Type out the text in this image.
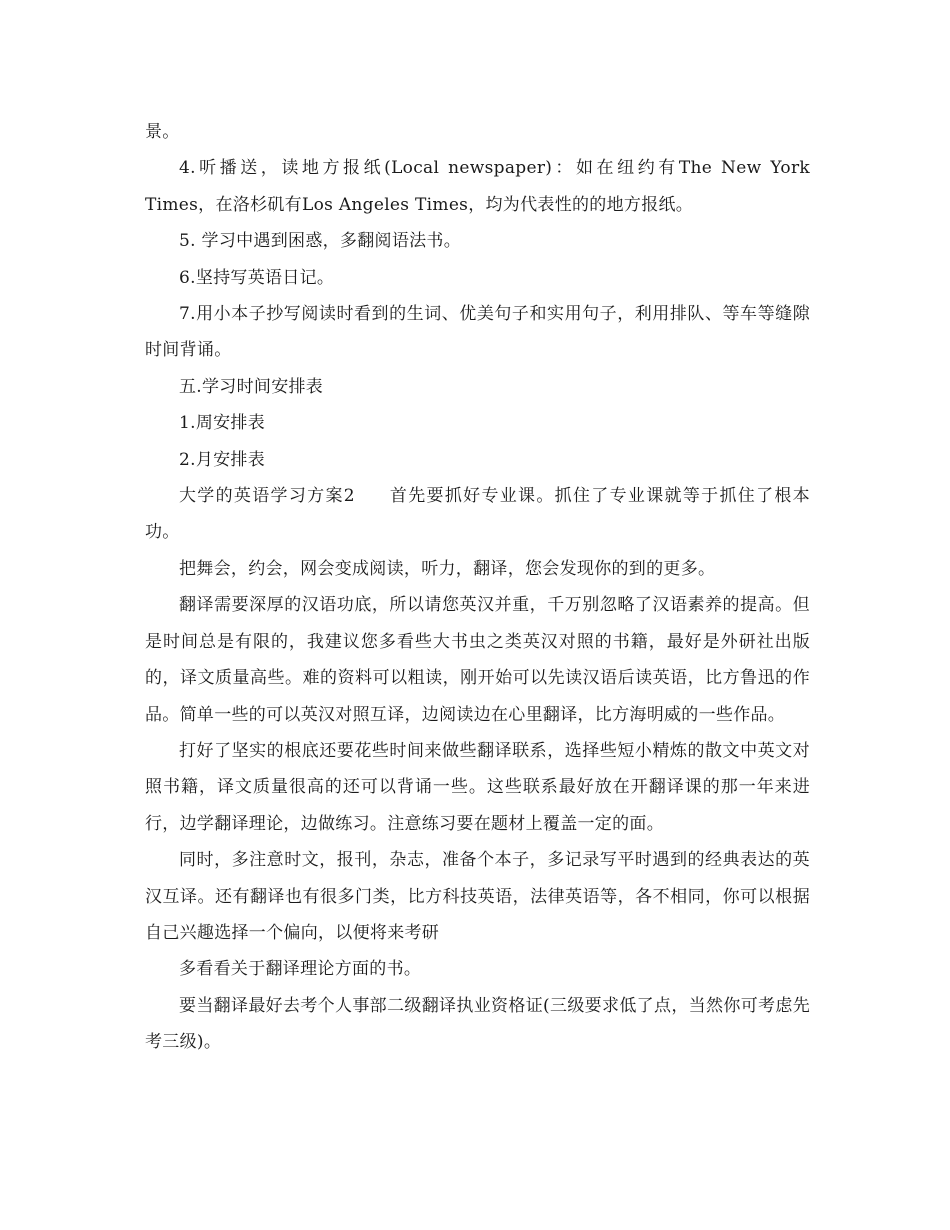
景。

4.听播送，读地方报纸(Local newspaper)：如在纽约有The New York Times，在洛杉矶有Los Angeles Times，均为代表性的的地方报纸。

5. 学习中遇到困惑，多翻阅语法书。

6.坚持写英语日记。

7.用小本子抄写阅读时看到的生词、优美句子和实用句子，利用排队、等车等缝隙时间背诵。

五.学习时间安排表

1.周安排表

2.月安排表

大学的英语学习方案2 首先要抓好专业课。抓住了专业课就等于抓住了根本功。

把舞会，约会，网会变成阅读，听力，翻译，您会发现你的到的更多。

翻译需要深厚的汉语功底，所以请您英汉并重，千万别忽略了汉语素养的提高。但是时间总是有限的，我建议您多看些大书虫之类英汉对照的书籍，最好是外研社出版的，译文质量高些。难的资料可以粗读，刚开始可以先读汉语后读英语，比方鲁迅的作品。简单一些的可以英汉对照互译，边阅读边在心里翻译，比方海明威的一些作品。

打好了坚实的根底还要花些时间来做些翻译联系，选择些短小精炼的散文中英文对照书籍，译文质量很高的还可以背诵一些。这些联系最好放在开翻译课的那一年来进行，边学翻译理论，边做练习。注意练习要在题材上覆盖一定的面。

同时，多注意时文，报刊，杂志，准备个本子，多记录写平时遇到的经典表达的英汉互译。还有翻译也有很多门类，比方科技英语，法律英语等，各不相同，你可以根据自己兴趣选择一个偏向，以便将来考研

多看看关于翻译理论方面的书。

要当翻译最好去考个人事部二级翻译执业资格证(三级要求低了点，当然你可考虑先考三级)。
